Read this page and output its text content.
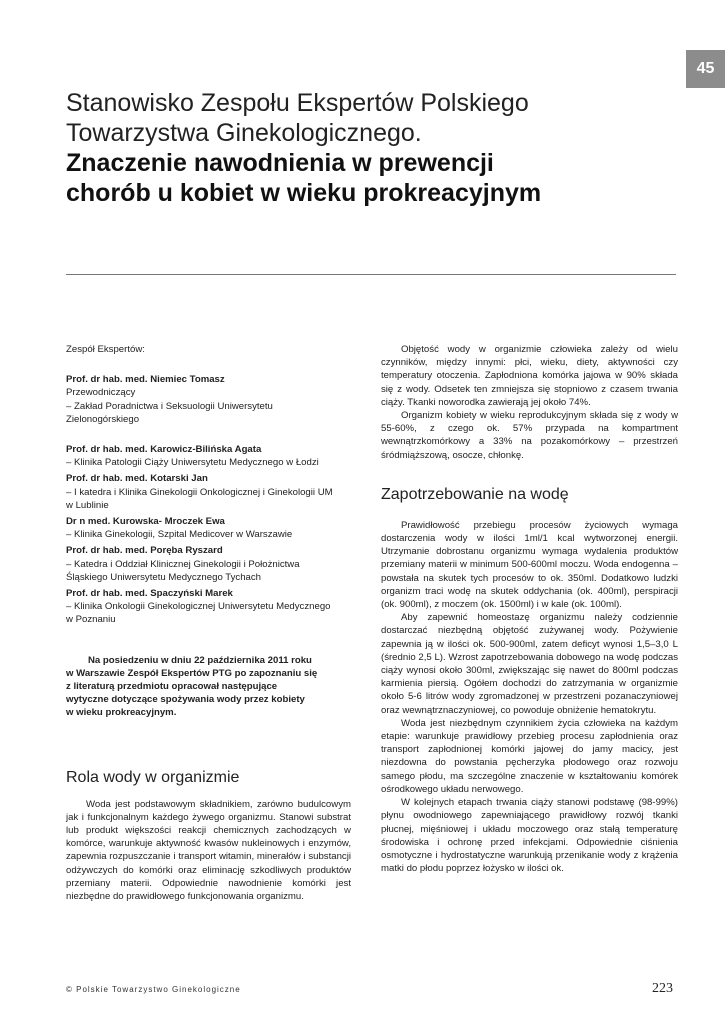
45
Stanowisko Zespołu Ekspertów Polskiego
Towarzystwa Ginekologicznego.
Znaczenie nawodnienia w prewencji
chorób u kobiet w wieku prokreacyjnym

Zespół Ekspertów:

Prof. dr hab. med. Niemiec Tomasz

Przewodniczący

– Zakład Poradnictwa i Seksuologii Uniwersytetu

Zielonogórskiego

Prof. dr hab. med. Karowicz-Bilińska Agata

– Klinika Patologii Ciąży Uniwersytetu Medycznego w Łodzi

Prof. dr hab. med. Kotarski Jan

– I katedra i Klinika Ginekologii Onkologicznej i Ginekologii UM

w Lublinie

Dr n med. Kurowska- Mroczek Ewa

– Klinika Ginekologii, Szpital Medicover w Warszawie

Prof. dr hab. med. Poręba Ryszard

– Katedra i Oddział Klinicznej Ginekologii i Położnictwa

Śląskiego Uniwersytetu Medycznego Tychach

Prof. dr hab. med. Spaczyński Marek

– Klinika Onkologii Ginekologicznej Uniwersytetu Medycznego

w Poznaniu

Na posiedzeniu w dniu 22 października 2011 roku

w Warszawie Zespół Ekspertów PTG po zapoznaniu się

z literaturą przedmiotu opracował następujące

wytyczne dotyczące spożywania wody przez kobiety

w wieku prokreacyjnym.

Rola wody w organizmie

Woda jest podstawowym składnikiem, zarówno budulcowym jak i funkcjonalnym każdego żywego organizmu. Stanowi substrat lub produkt większości reakcji chemicznych zachodzących w komórce, warunkuje aktywność kwasów nukleinowych i enzymów, zapewnia rozpuszczanie i transport witamin, minerałów i substancji odżywczych do komórki oraz eliminację szkodliwych produktów przemiany materii. Odpowiednie nawodnienie komórki jest niezbędne do prawidłowego funkcjonowania organizmu.

Objętość wody w organizmie człowieka zależy od wielu czynników, między innymi: płci, wieku, diety, aktywności czy temperatury otoczenia. Zapłodniona komórka jajowa w 90% składa się z wody. Odsetek ten zmniejsza się stopniowo z czasem trwania ciąży. Tkanki noworodka zawierają jej około 74%.

Organizm kobiety w wieku reprodukcyjnym składa się z wody w 55-60%, z czego ok. 57% przypada na kompartment wewnątrzkomórkowy a 33% na pozakomórkowy – przestrzeń śródmiąższową, osocze, chłonkę.

Zapotrzebowanie na wodę

Prawidłowość przebiegu procesów życiowych wymaga dostarczenia wody w ilości 1ml/1 kcal wytworzonej energii. Utrzymanie dobrostanu organizmu wymaga wydalenia produktów przemiany materii w minimum 500-600ml moczu. Woda endogenna – powstała na skutek tych procesów to ok. 350ml. Dodatkowo ludzki organizm traci wodę na skutek oddychania (ok. 400ml), perspiracji (ok. 900ml), z moczem (ok. 1500ml) i w kale (ok. 100ml).

Aby zapewnić homeostazę organizmu należy codziennie dostarczać niezbędną objętość zużywanej wody. Pożywienie zapewnia ją w ilości ok. 500-900ml, zatem deficyt wynosi 1,5–3,0 L (średnio 2,5 L). Wzrost zapotrzebowania dobowego na wodę podczas ciąży wynosi około 300ml, zwiększając się nawet do 800ml podczas karmienia piersią. Ogółem dochodzi do zatrzymania w organizmie około 5-6 litrów wody zgromadzonej w przestrzeni pozanaczyniowej oraz wewnątrznaczyniowej, co powoduje obniżenie hematokrytu.

Woda jest niezbędnym czynnikiem życia człowieka na każdym etapie: warunkuje prawidłowy przebieg procesu zapłodnienia oraz transport zapłodnionej komórki jajowej do jamy macicy, jest niezdowna do powstania pęcherzyka płodowego oraz rozwoju samego płodu, ma szczególne znaczenie w kształtowaniu komórek ośrodkowego układu nerwowego.

W kolejnych etapach trwania ciąży stanowi podstawę (98-99%) płynu owodniowego zapewniającego prawidłowy rozwój tkanki płucnej, mięśniowej i układu moczowego oraz stałą temperaturę środowiska i ochronę przed infekcjami. Odpowiednie ciśnienia osmotyczne i hydrostatyczne warunkują przenikanie wody z krążenia matki do płodu poprzez łożysko w ilości ok.

© Polskie Towarzystwo Ginekologiczne	223
